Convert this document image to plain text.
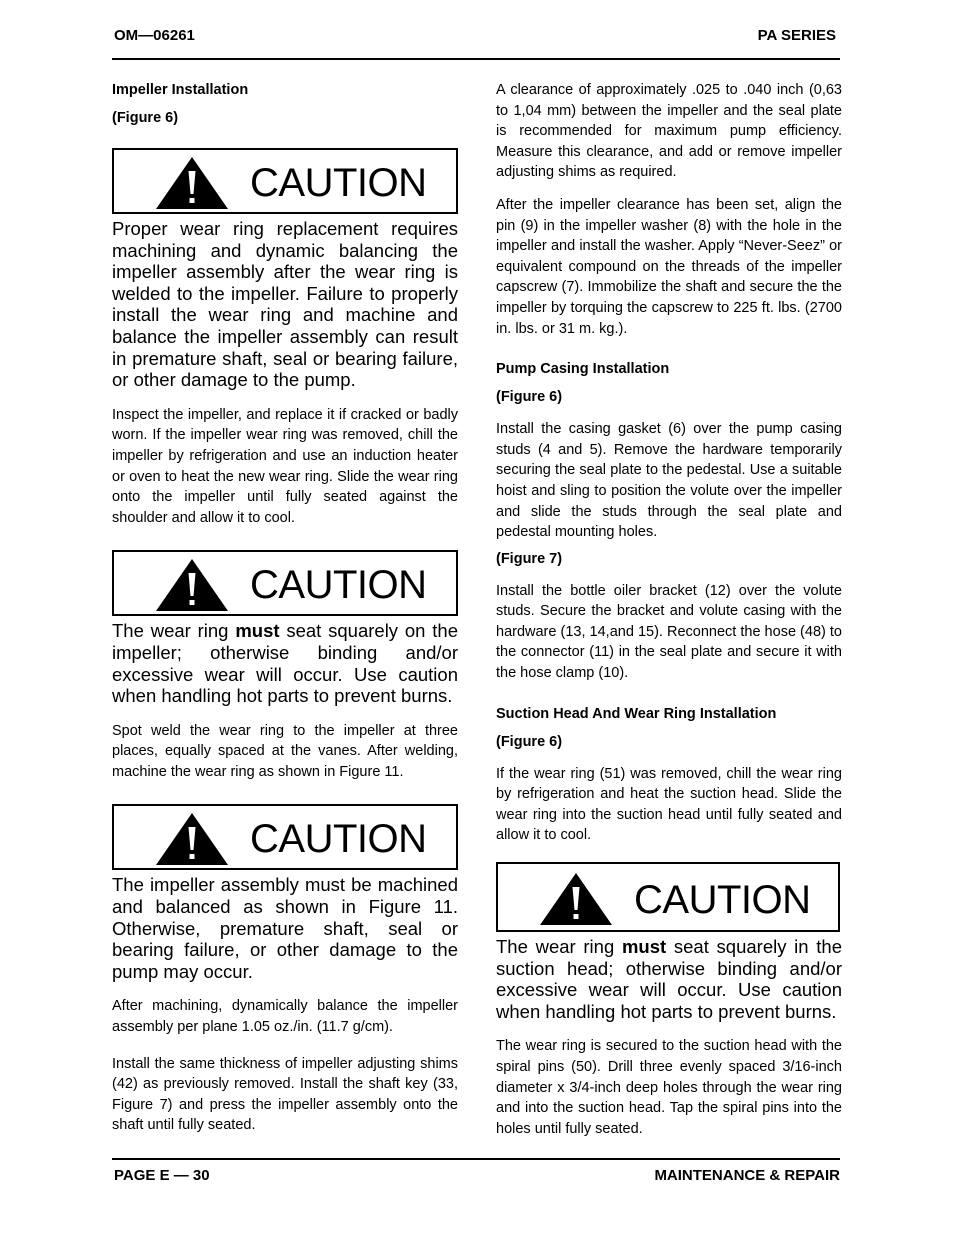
OM—06261	PA SERIES
Impeller Installation
(Figure 6)
CAUTION

Proper wear ring replacement requires machining and dynamic balancing the impeller assembly after the wear ring is welded to the impeller. Failure to properly install the wear ring and machine and balance the impeller assembly can result in premature shaft, seal or bearing failure, or other damage to the pump.

Inspect the impeller, and replace it if cracked or badly worn. If the impeller wear ring was removed, chill the impeller by refrigeration and use an induction heater or oven to heat the new wear ring. Slide the wear ring onto the impeller until fully seated against the shoulder and allow it to cool.

CAUTION

The wear ring must seat squarely on the impeller; otherwise binding and/or excessive wear will occur. Use caution when handling hot parts to prevent burns.

Spot weld the wear ring to the impeller at three places, equally spaced at the vanes. After welding, machine the wear ring as shown in Figure 11.

CAUTION

The impeller assembly must be machined and balanced as shown in Figure 11. Otherwise, premature shaft, seal or bearing failure, or other damage to the pump may occur.

After machining, dynamically balance the impeller assembly per plane 1.05 oz./in. (11.7 g/cm).

Install the same thickness of impeller adjusting shims (42) as previously removed. Install the shaft key (33, Figure 7) and press the impeller assembly onto the shaft until fully seated.

A clearance of approximately .025 to .040 inch (0,63 to 1,04 mm) between the impeller and the seal plate is recommended for maximum pump efficiency. Measure this clearance, and add or remove impeller adjusting shims as required.

After the impeller clearance has been set, align the pin (9) in the impeller washer (8) with the hole in the impeller and install the washer. Apply “Never-Seez” or equivalent compound on the threads of the impeller capscrew (7). Immobilize the shaft and secure the the impeller by torquing the capscrew to 225 ft. lbs. (2700 in. lbs. or 31 m. kg.).

Pump Casing Installation
(Figure 6)

Install the casing gasket (6) over the pump casing studs (4 and 5). Remove the hardware temporarily securing the seal plate to the pedestal. Use a suitable hoist and sling to position the volute over the impeller and slide the studs through the seal plate and pedestal mounting holes.

(Figure 7)

Install the bottle oiler bracket (12) over the volute studs. Secure the bracket and volute casing with the hardware (13, 14,and 15). Reconnect the hose (48) to the connector (11) in the seal plate and secure it with the hose clamp (10).

Suction Head And Wear Ring Installation
(Figure 6)

If the wear ring (51) was removed, chill the wear ring by refrigeration and heat the suction head. Slide the wear ring into the suction head until fully seated and allow it to cool.

CAUTION

The wear ring must seat squarely in the suction head; otherwise binding and/or excessive wear will occur. Use caution when handling hot parts to prevent burns.

The wear ring is secured to the suction head with the spiral pins (50). Drill three evenly spaced 3/16-inch diameter x 3/4-inch deep holes through the wear ring and into the suction head. Tap the spiral pins into the holes until fully seated.

PAGE E — 30	MAINTENANCE & REPAIR
